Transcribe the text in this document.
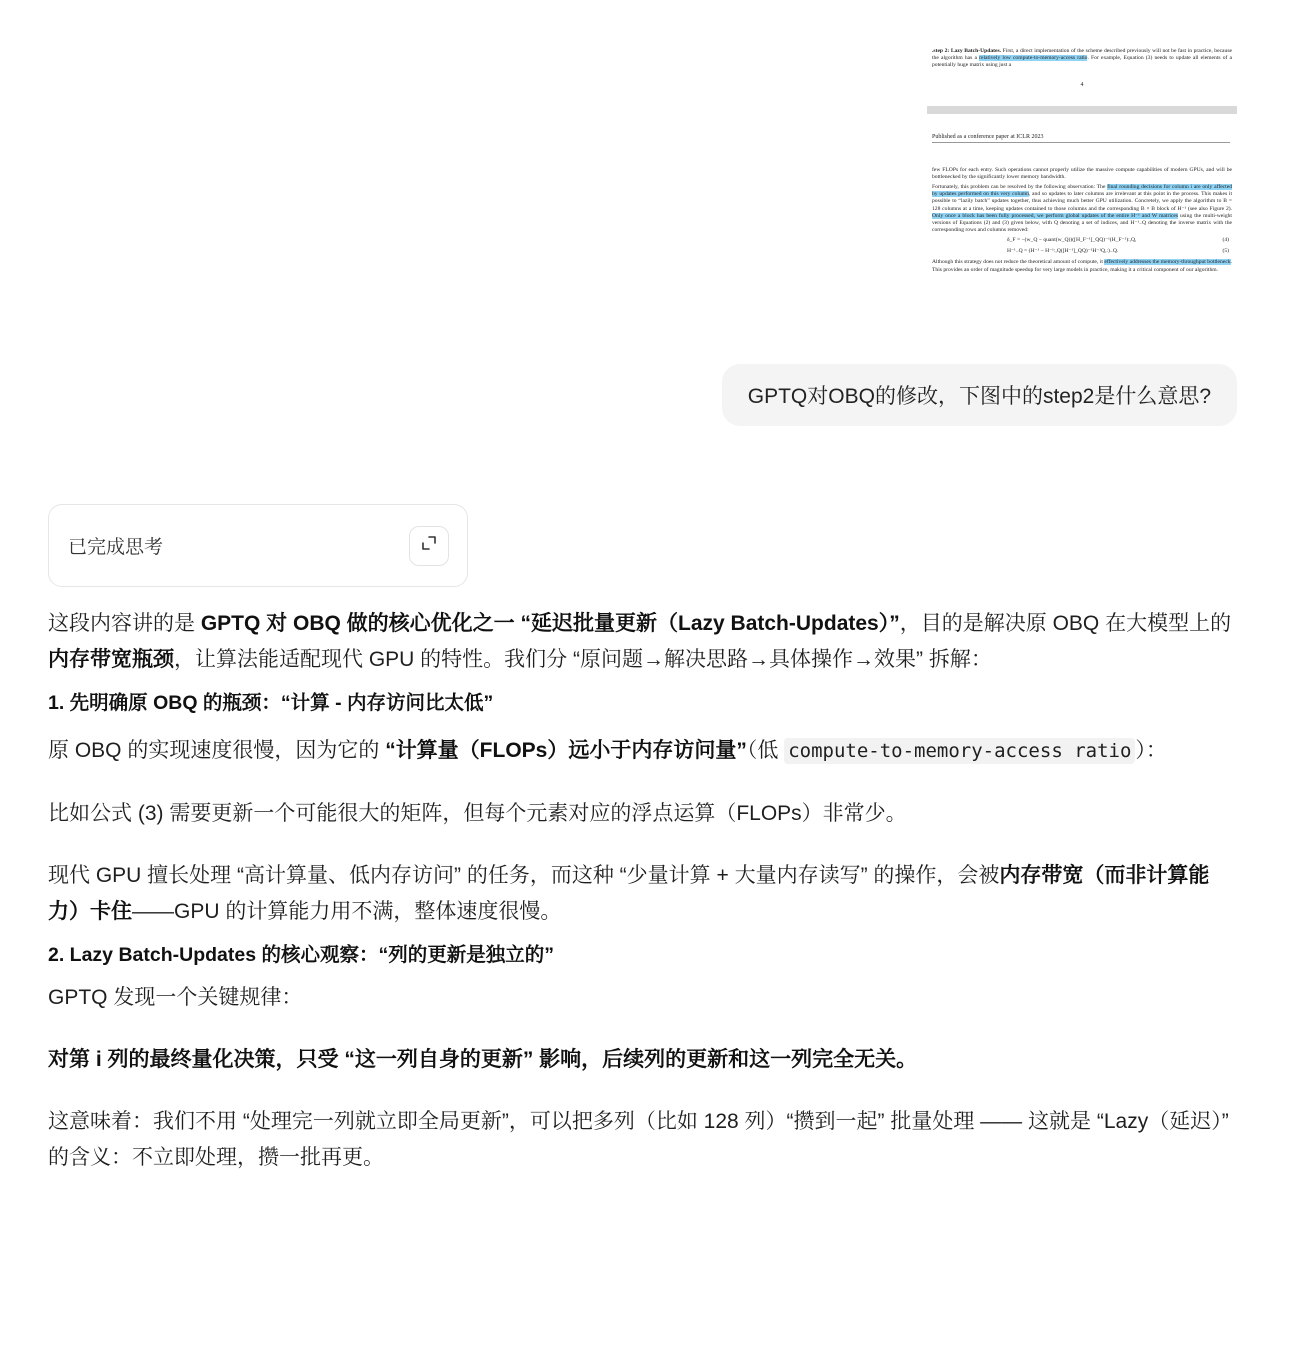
.step 2: Lazy Batch-Updates. First, a direct implementation of the scheme described previously will not be fast in practice, because the algorithm has a relatively low compute-to-memory-access ratio. For example, Equation (3) needs to update all elements of a potentially huge matrix using just a

4
Published as a conference paper at ICLR 2023

few FLOPs for each entry. Such operations cannot properly utilize the massive compute capabilities of modern GPUs, and will be bottlenecked by the significantly lower memory bandwidth.

Fortunately, this problem can be resolved by the following observation: The final rounding decisions for column i are only affected by updates performed on this very column, and so updates to later columns are irrelevant at this point in the process. This makes it possible to “lazily batch” updates together, thus achieving much better GPU utilization. Concretely, we apply the algorithm to B = 128 columns at a time, keeping updates contained to those columns and the corresponding B × B block of H⁻¹ (see also Figure 2). Only once a block has been fully processed, we perform global updates of the entire H⁻¹ and W matrices using the multi-weight versions of Equations (2) and (3) given below, with Q denoting a set of indices, and H⁻¹₋Q denoting the inverse matrix with the corresponding rows and columns removed:

δ_F = −(w_Q − quant(w_Q))([H_F⁻¹]_QQ)⁻¹(H_F⁻¹):,Q,	(4)
H⁻¹₋Q = (H⁻¹ − H⁻¹:,Q([H⁻¹]_QQ)⁻¹H⁻¹Q,:)₋Q.	(5)

Although this strategy does not reduce the theoretical amount of compute, it effectively addresses the memory-throughput bottleneck. This provides an order of magnitude speedup for very large models in practice, making it a critical component of our algorithm.

GPTQ对OBQ的修改，下图中的step2是什么意思?
已完成思考

这段内容讲的是 GPTQ 对 OBQ 做的核心优化之一 “延迟批量更新（Lazy Batch-Updates）”，目的是解决原 OBQ 在大模型上的内存带宽瓶颈，让算法能适配现代 GPU 的特性。我们分 “原问题→解决思路→具体操作→效果” 拆解：

1. 先明确原 OBQ 的瓶颈：“计算 - 内存访问比太低”

原 OBQ 的实现速度很慢，因为它的 “计算量（FLOPs）远小于内存访问量”（低 compute-to-memory-access ratio ）：

比如公式 (3) 需要更新一个可能很大的矩阵，但每个元素对应的浮点运算（FLOPs）非常少。

现代 GPU 擅长处理 “高计算量、低内存访问” 的任务，而这种 “少量计算 + 大量内存读写” 的操作，会被内存带宽（而非计算能力）卡住——GPU 的计算能力用不满，整体速度很慢。

2. Lazy Batch-Updates 的核心观察：“列的更新是独立的”

GPTQ 发现一个关键规律：

对第 i 列的最终量化决策，只受 “这一列自身的更新” 影响，后续列的更新和这一列完全无关。

这意味着：我们不用 “处理完一列就立即全局更新”，可以把多列（比如 128 列）“攒到一起” 批量处理 —— 这就是 “Lazy（延迟）” 的含义：不立即处理，攒一批再更。
